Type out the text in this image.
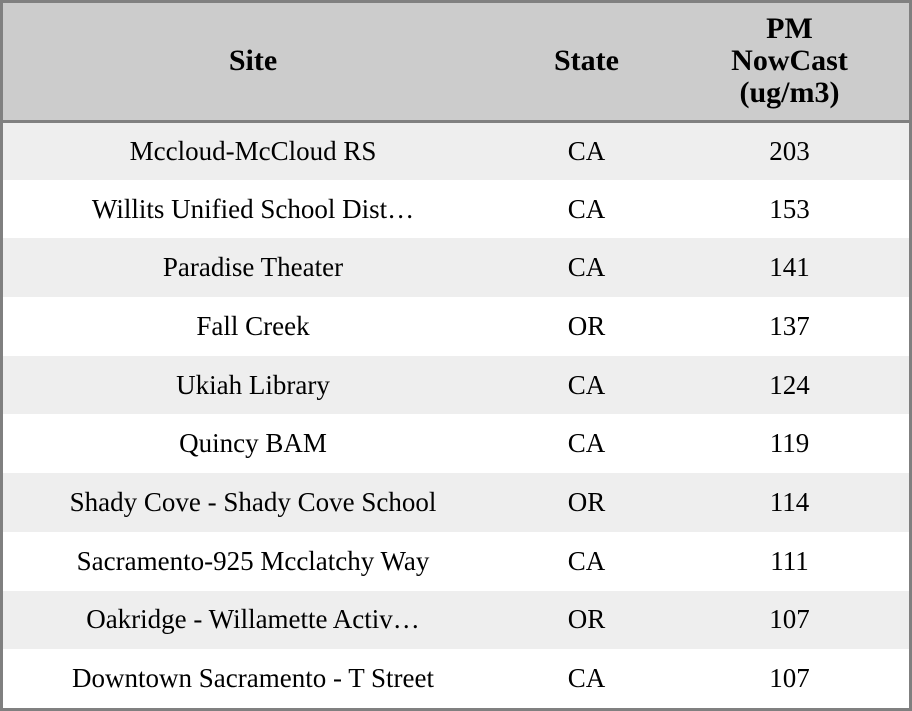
Site	State	PM
NowCast
(ug/m3)

Mccloud-McCloud RS	CA	203
Willits Unified School Dist…	CA	153
Paradise Theater	CA	141
Fall Creek	OR	137
Ukiah Library	CA	124
Quincy BAM	CA	119
Shady Cove - Shady Cove School	OR	114
Sacramento-925 Mcclatchy Way	CA	111
Oakridge - Willamette Activ…	OR	107
Downtown Sacramento - T Street	CA	107
